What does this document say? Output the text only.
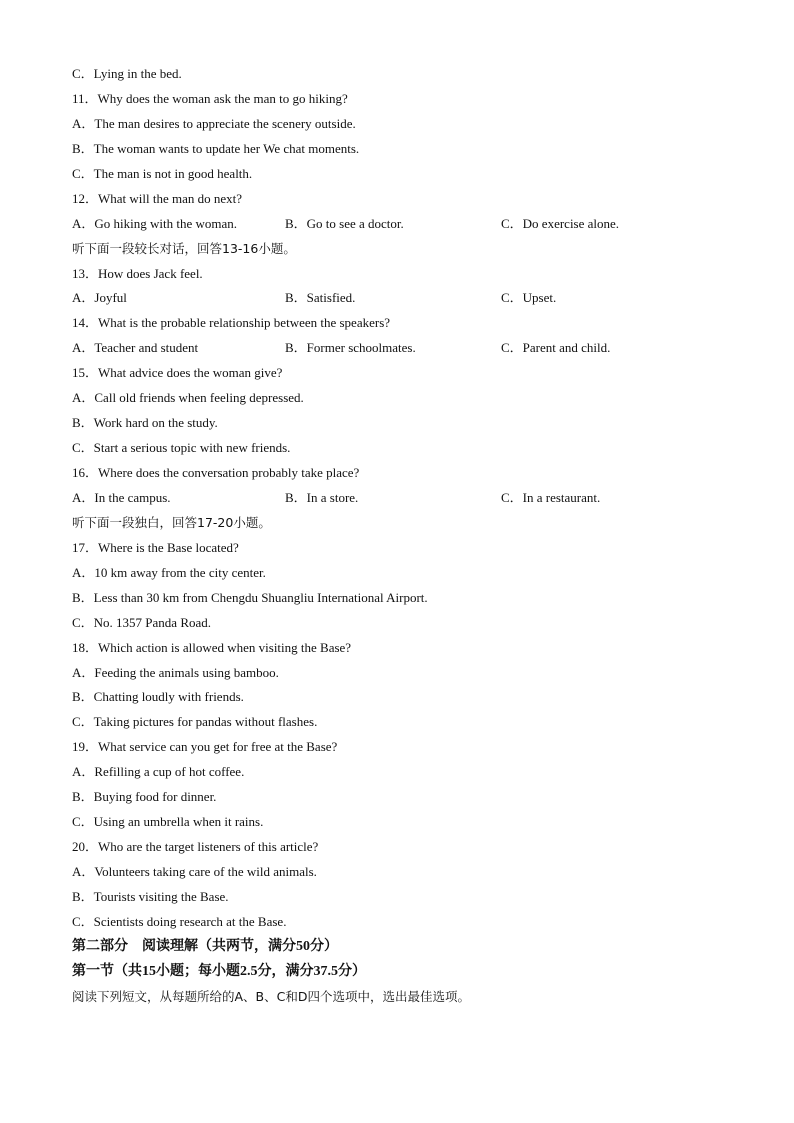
C．Lying in the bed.
11．Why does the woman ask the man to go hiking?
A．The man desires to appreciate the scenery outside.
B．The woman wants to update her We chat moments.
C．The man is not in good health.
12．What will the man do next?
A．Go hiking with the woman.	B．Go to see a doctor.	C．Do exercise alone.
听下面一段较长对话，回答13-16小题。
13．How does Jack feel.
A．Joyful	B．Satisfied.	C．Upset.
14．What is the probable relationship between the speakers?
A．Teacher and student	B．Former schoolmates.	C．Parent and child.
15．What advice does the woman give?
A．Call old friends when feeling depressed.
B．Work hard on the study.
C．Start a serious topic with new friends.
16．Where does the conversation probably take place?
A．In the campus.	B．In a store.	C．In a restaurant.
听下面一段独白，回答17-20小题。
17．Where is the Base located?
A．10 km away from the city center.
B．Less than 30 km from Chengdu Shuangliu International Airport.
C．No. 1357 Panda Road.
18．Which action is allowed when visiting the Base?
A．Feeding the animals using bamboo.
B．Chatting loudly with friends.
C．Taking pictures for pandas without flashes.
19．What service can you get for free at the Base?
A．Refilling a cup of hot coffee.
B．Buying food for dinner.
C．Using an umbrella when it rains.
20．Who are the target listeners of this article?
A．Volunteers taking care of the wild animals.
B．Tourists visiting the Base.
C．Scientists doing research at the Base.
第二部分　阅读理解（共两节，满分50分）
第一节（共15小题；每小题2.5分，满分37.5分）
阅读下列短文，从每题所给的A、B、C和D四个选项中，选出最佳选项。
